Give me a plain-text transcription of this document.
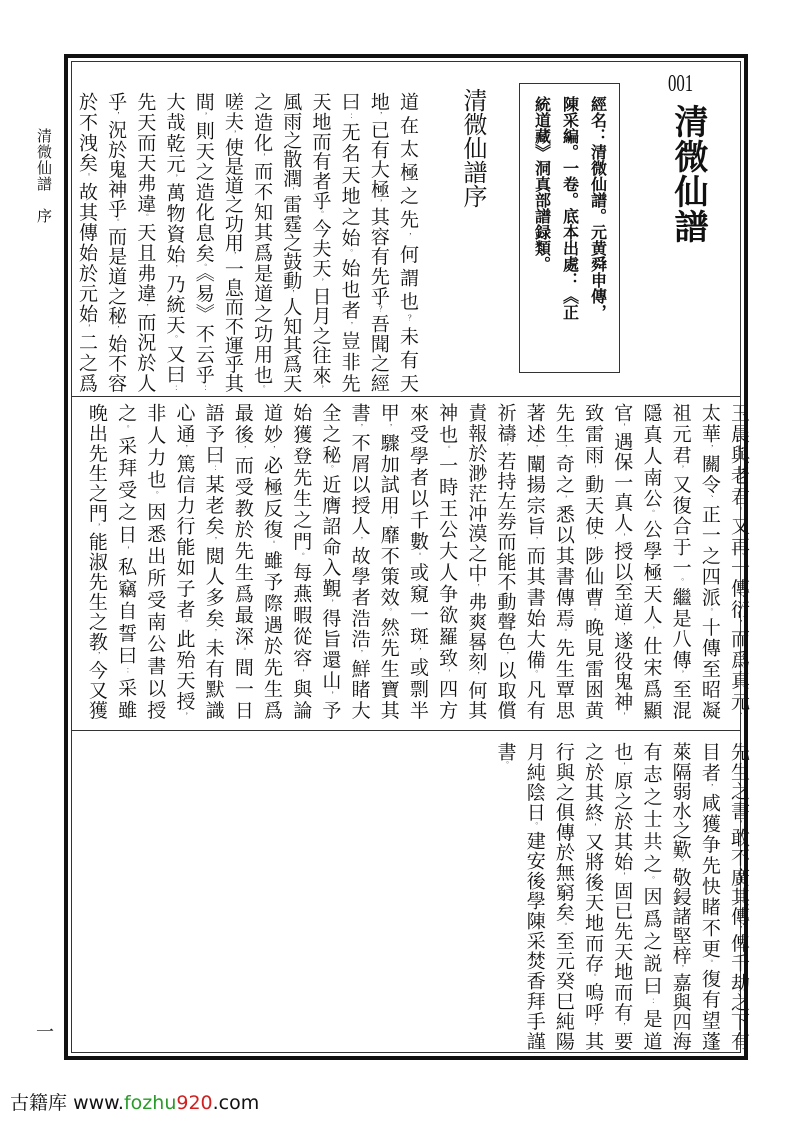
清微仙譜　序
一
001
清微仙譜
經名：清微仙譜。元黄舜申傳，
陳采編。一卷。底本出處：《正
統道藏》洞真部譜録類。
清微仙譜序
道在太極之先，何謂也？未有天
地，已有大極，其容有先乎？吾聞之經
曰：无名天地之始。始也者，豈非先
天地而有者乎。今夫天，日月之往來，
風雨之散潤，雷霆之鼓動，人知其爲天
之造化，而不知其爲是道之功用也。
嗟夫，使是道之功用，一息而不運乎其
間，則天之造化息矣。《易》不云乎：
大哉乾元，萬物資始，乃統天。又曰：
先天而天弗違。天且弗違，而況於人
乎，況於鬼神乎。而是道之秘，始不容
於不洩矣。故其傳始於元始，二之爲
玉晨與老君。又再一傳衍，而爲真元、
太華，關令、正一之四派。十傳至昭凝
祖元君，又復合于一。繼是八傳，至混
隱真人南公。公學極天人，仕宋爲顯
官，遇保一真人，授以至道，遂役鬼神，
致雷雨，動天使，陟仙曹。晚見雷囦黄
先生，奇之，悉以其書傳焉。先生覃思
著述，闡揚宗旨，而其書始大備。凡有
祈禱，若持左券而能不動聲色，以取償
責報於渺茫冲漠之中，弗爽晷刻，何其
神也。一時王公大人争欲羅致，四方
來受學者以千數。或窺一斑，或剽半
甲，驟加試用，靡不策效。然先生寶其
書，不屑以授人，故學者浩浩，鮮睹大
全之秘。近膺詔命入覲，得旨還山，予
始獲登先生之門。每燕暇從容，與論
道妙，必極反復。雖予際遇於先生爲
最後，而受教於先生爲最深。間一日
語予曰：某老矣，閲人多矣，未有默識
心通，篤信力行能如子者。此殆天授，
非人力也。因悉出所受南公書以授
之。采拜受之日，私竊自誓曰：采雖
晚出先生之門，能淑先生之教，今又獲
先生之書，敢不廣其傳，俾千劫之下有
目者，咸獲争先快睹不更。復有望蓬
萊隔弱水之歎，敬鋟諸堅梓，嘉與四海
有志之士共之。因爲之説曰：是道
也，原之於其始，固已先天地而有，要
之於其終，又將後天地而存。嗚呼，其
行與之俱傳於無窮矣。至元癸巳純陽
月純陰日。建安後學陳采焚香拜手謹
書。
古籍库 www.fozhu920.com
